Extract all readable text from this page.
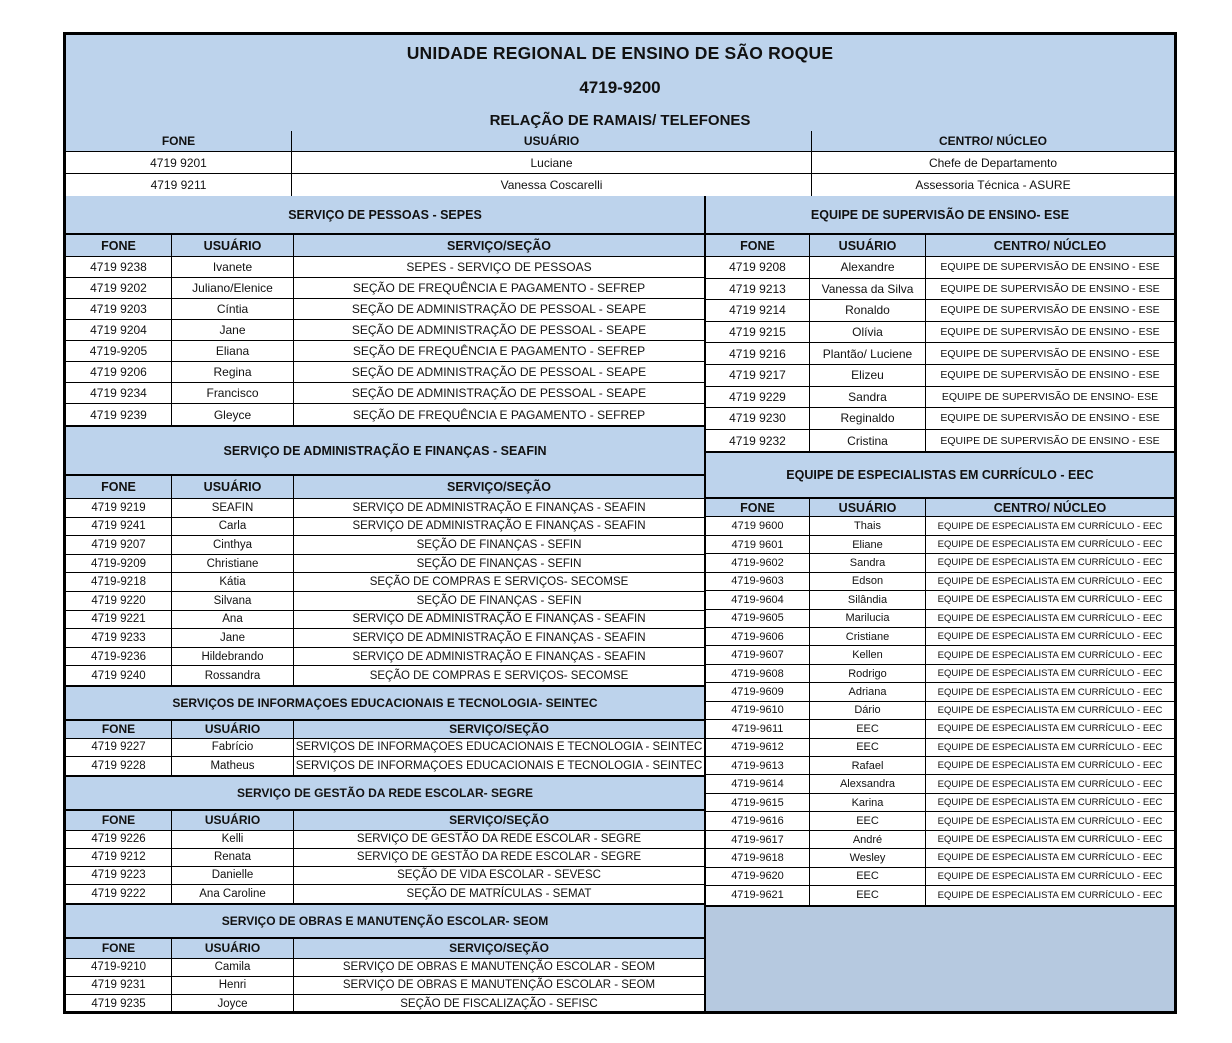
UNIDADE REGIONAL DE ENSINO DE SÃO ROQUE
4719-9200
RELAÇÃO DE RAMAIS/ TELEFONES
FONE	USUÁRIO	CENTRO/ NÚCLEO
4719 9201	Luciane	Chefe de Departamento
4719 9211	Vanessa Coscarelli	Assessoria Técnica - ASURE
SERVIÇO DE PESSOAS - SEPES
FONE	USUÁRIO	SERVIÇO/SEÇÃO
4719 9238	Ivanete	SEPES - SERVIÇO DE PESSOAS
4719 9202	Juliano/Elenice	SEÇÃO DE FREQUÊNCIA E PAGAMENTO - SEFREP
4719 9203	Cíntia	SEÇÃO DE ADMINISTRAÇÃO DE PESSOAL - SEAPE
4719 9204	Jane	SEÇÃO DE ADMINISTRAÇÃO DE PESSOAL - SEAPE
4719-9205	Eliana	SEÇÃO DE FREQUÊNCIA E PAGAMENTO - SEFREP
4719 9206	Regina	SEÇÃO DE ADMINISTRAÇÃO DE PESSOAL - SEAPE
4719 9234	Francisco	SEÇÃO DE ADMINISTRAÇÃO DE PESSOAL - SEAPE
4719 9239	Gleyce	SEÇÃO DE FREQUÊNCIA E PAGAMENTO - SEFREP
SERVIÇO DE ADMINISTRAÇÃO E FINANÇAS - SEAFIN
FONE	USUÁRIO	SERVIÇO/SEÇÃO
4719 9219	SEAFIN	SERVIÇO DE ADMINISTRAÇÃO E FINANÇAS - SEAFIN
4719 9241	Carla	SERVIÇO DE ADMINISTRAÇÃO E FINANÇAS - SEAFIN
4719 9207	Cinthya	SEÇÃO DE FINANÇAS - SEFIN
4719-9209	Christiane	SEÇÃO DE FINANÇAS - SEFIN
4719-9218	Kátia	SEÇÃO DE COMPRAS E SERVIÇOS- SECOMSE
4719 9220	Silvana	SEÇÃO DE FINANÇAS - SEFIN
4719 9221	Ana	SERVIÇO DE ADMINISTRAÇÃO E FINANÇAS - SEAFIN
4719 9233	Jane	SERVIÇO DE ADMINISTRAÇÃO E FINANÇAS - SEAFIN
4719-9236	Hildebrando	SERVIÇO DE ADMINISTRAÇÃO E FINANÇAS - SEAFIN
4719 9240	Rossandra	SEÇÃO DE COMPRAS E SERVIÇOS- SECOMSE
SERVIÇOS DE INFORMAÇOES EDUCACIONAIS E TECNOLOGIA- SEINTEC
FONE	USUÁRIO	SERVIÇO/SEÇÃO
4719 9227	Fabrício	SERVIÇOS DE INFORMAÇOES EDUCACIONAIS E TECNOLOGIA - SEINTEC
4719 9228	Matheus	SERVIÇOS DE INFORMAÇOES EDUCACIONAIS E TECNOLOGIA - SEINTEC
SERVIÇO DE GESTÃO DA REDE ESCOLAR- SEGRE
FONE	USUÁRIO	SERVIÇO/SEÇÃO
4719 9226	Kelli	SERVIÇO DE GESTÃO DA REDE ESCOLAR - SEGRE
4719 9212	Renata	SERVIÇO DE GESTÃO DA REDE ESCOLAR - SEGRE
4719 9223	Danielle	SEÇÃO DE VIDA ESCOLAR - SEVESC
4719 9222	Ana Caroline	SEÇÃO DE MATRÍCULAS - SEMAT
SERVIÇO DE OBRAS E MANUTENÇÃO ESCOLAR- SEOM
FONE	USUÁRIO	SERVIÇO/SEÇÃO
4719-9210	Camila	SERVIÇO DE OBRAS E MANUTENÇÃO ESCOLAR - SEOM
4719 9231	Henri	SERVIÇO DE OBRAS E MANUTENÇÃO ESCOLAR - SEOM
4719 9235	Joyce	SEÇÃO DE FISCALIZAÇÃO - SEFISC
EQUIPE DE SUPERVISÃO DE ENSINO- ESE
FONE	USUÁRIO	CENTRO/ NÚCLEO
4719 9208	Alexandre	EQUIPE DE SUPERVISÃO DE ENSINO - ESE
4719 9213	Vanessa da Silva	EQUIPE DE SUPERVISÃO DE ENSINO - ESE
4719 9214	Ronaldo	EQUIPE DE SUPERVISÃO DE ENSINO - ESE
4719 9215	Olívia	EQUIPE DE SUPERVISÃO DE ENSINO - ESE
4719 9216	Plantão/ Luciene	EQUIPE DE SUPERVISÃO DE ENSINO - ESE
4719 9217	Elizeu	EQUIPE DE SUPERVISÃO DE ENSINO - ESE
4719 9229	Sandra	EQUIPE DE SUPERVISÃO DE ENSINO- ESE
4719 9230	Reginaldo	EQUIPE DE SUPERVISÃO DE ENSINO - ESE
4719 9232	Cristina	EQUIPE DE SUPERVISÃO DE ENSINO - ESE
EQUIPE DE ESPECIALISTAS EM CURRÍCULO - EEC
FONE	USUÁRIO	CENTRO/ NÚCLEO
4719 9600	Thais	EQUIPE DE ESPECIALISTA EM CURRÍCULO - EEC
4719 9601	Eliane	EQUIPE DE ESPECIALISTA EM CURRÍCULO - EEC
4719-9602	Sandra	EQUIPE DE ESPECIALISTA EM CURRÍCULO - EEC
4719-9603	Edson	EQUIPE DE ESPECIALISTA EM CURRÍCULO - EEC
4719-9604	Silândia	EQUIPE DE ESPECIALISTA EM CURRÍCULO - EEC
4719-9605	Marilucia	EQUIPE DE ESPECIALISTA EM CURRÍCULO - EEC
4719-9606	Cristiane	EQUIPE DE ESPECIALISTA EM CURRÍCULO - EEC
4719-9607	Kellen	EQUIPE DE ESPECIALISTA EM CURRÍCULO - EEC
4719-9608	Rodrigo	EQUIPE DE ESPECIALISTA EM CURRÍCULO - EEC
4719-9609	Adriana	EQUIPE DE ESPECIALISTA EM CURRÍCULO - EEC
4719-9610	Dário	EQUIPE DE ESPECIALISTA EM CURRÍCULO - EEC
4719-9611	EEC	EQUIPE DE ESPECIALISTA EM CURRÍCULO - EEC
4719-9612	EEC	EQUIPE DE ESPECIALISTA EM CURRÍCULO - EEC
4719-9613	Rafael	EQUIPE DE ESPECIALISTA EM CURRÍCULO - EEC
4719-9614	Alexsandra	EQUIPE DE ESPECIALISTA EM CURRÍCULO - EEC
4719-9615	Karina	EQUIPE DE ESPECIALISTA EM CURRÍCULO - EEC
4719-9616	EEC	EQUIPE DE ESPECIALISTA EM CURRÍCULO - EEC
4719-9617	André	EQUIPE DE ESPECIALISTA EM CURRÍCULO - EEC
4719-9618	Wesley	EQUIPE DE ESPECIALISTA EM CURRÍCULO - EEC
4719-9620	EEC	EQUIPE DE ESPECIALISTA EM CURRÍCULO - EEC
4719-9621	EEC	EQUIPE DE ESPECIALISTA EM CURRÍCULO - EEC
